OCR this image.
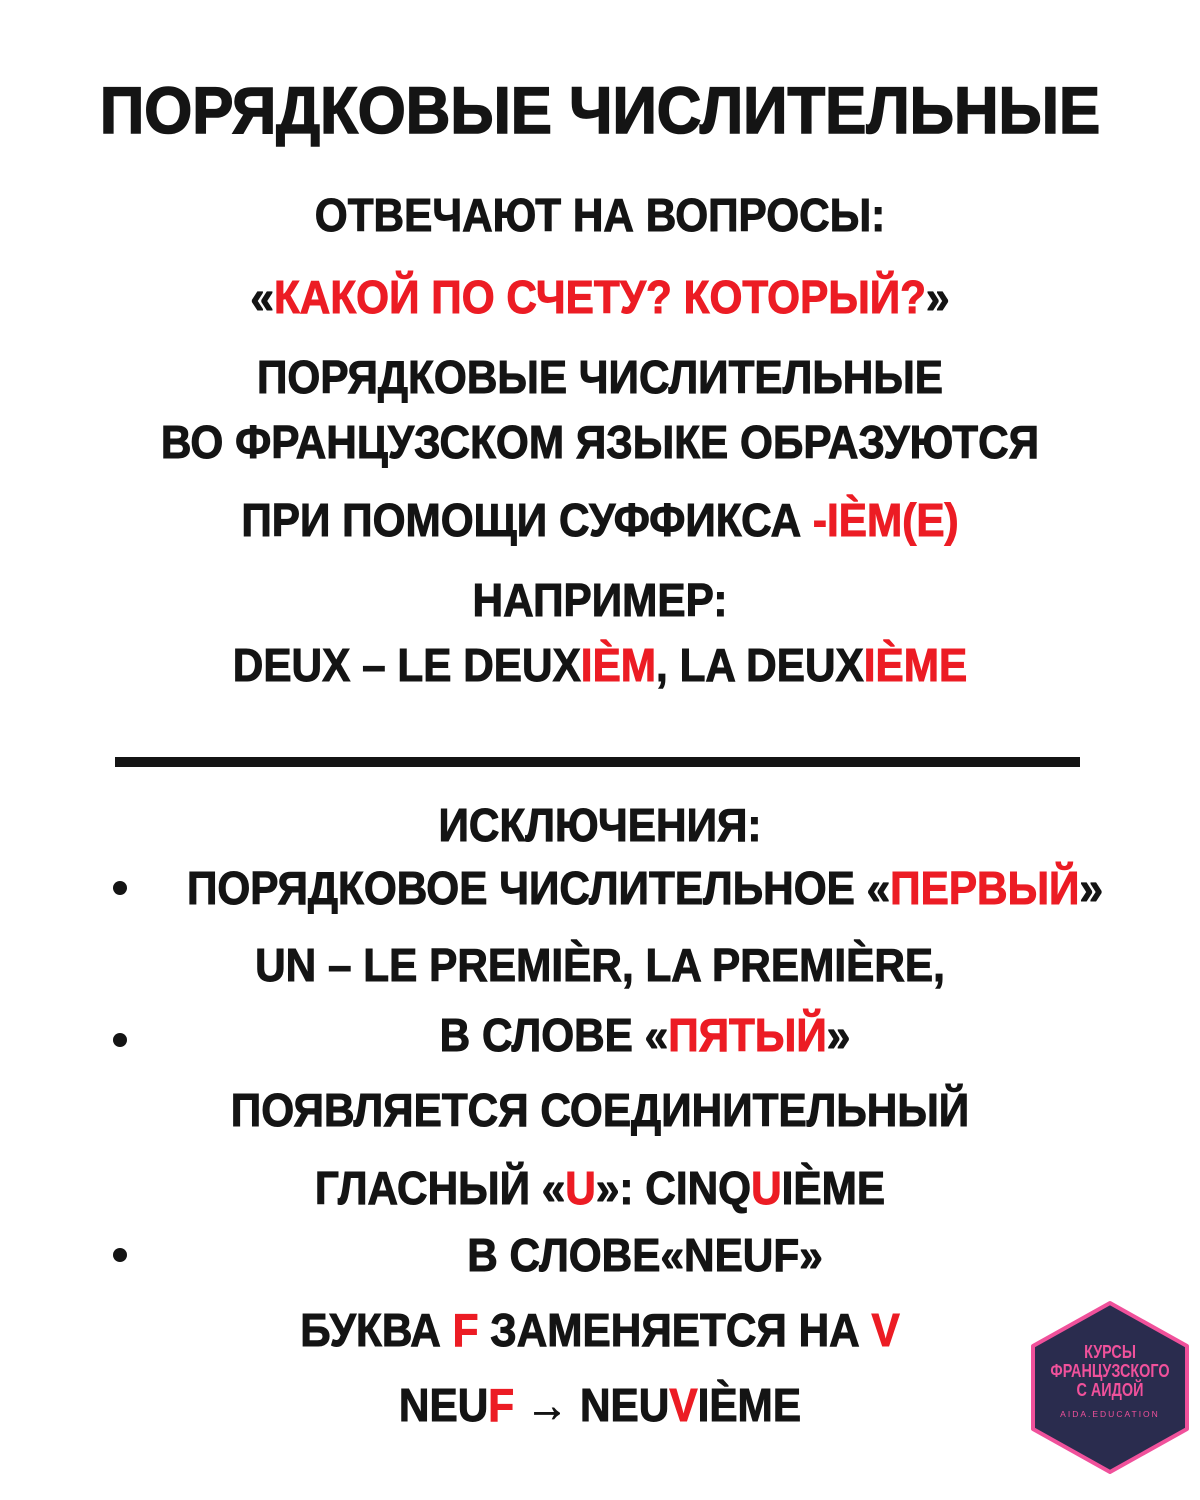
ПОРЯДКОВЫЕ ЧИСЛИТЕЛЬНЫЕ
ОТВЕЧАЮТ НА ВОПРОСЫ:
«КАКОЙ ПО СЧЕТУ? КОТОРЫЙ?»
ПОРЯДКОВЫЕ ЧИСЛИТЕЛЬНЫЕ
ВО ФРАНЦУЗСКОМ ЯЗЫКЕ ОБРАЗУЮТСЯ
ПРИ ПОМОЩИ СУФФИКСА -IÈM(E)
НАПРИМЕР:
DEUX – LE DEUXIÈM, LA DEUXIÈME
ИСКЛЮЧЕНИЯ:
ПОРЯДКОВОЕ ЧИСЛИТЕЛЬНОЕ «ПЕРВЫЙ»
UN – LE PREMIÈR, LA PREMIÈRE,
В СЛОВЕ «ПЯТЫЙ»
ПОЯВЛЯЕТСЯ СОЕДИНИТЕЛЬНЫЙ
ГЛАСНЫЙ «U»: CINQUIÈME
В СЛОВЕ«NEUF»
БУКВА F ЗАМЕНЯЕТСЯ НА V
NEUF → NEUVIÈME
КУРСЫ
ФРАНЦУЗСКОГО
С АИДОЙ
AIDA.EDUCATION
